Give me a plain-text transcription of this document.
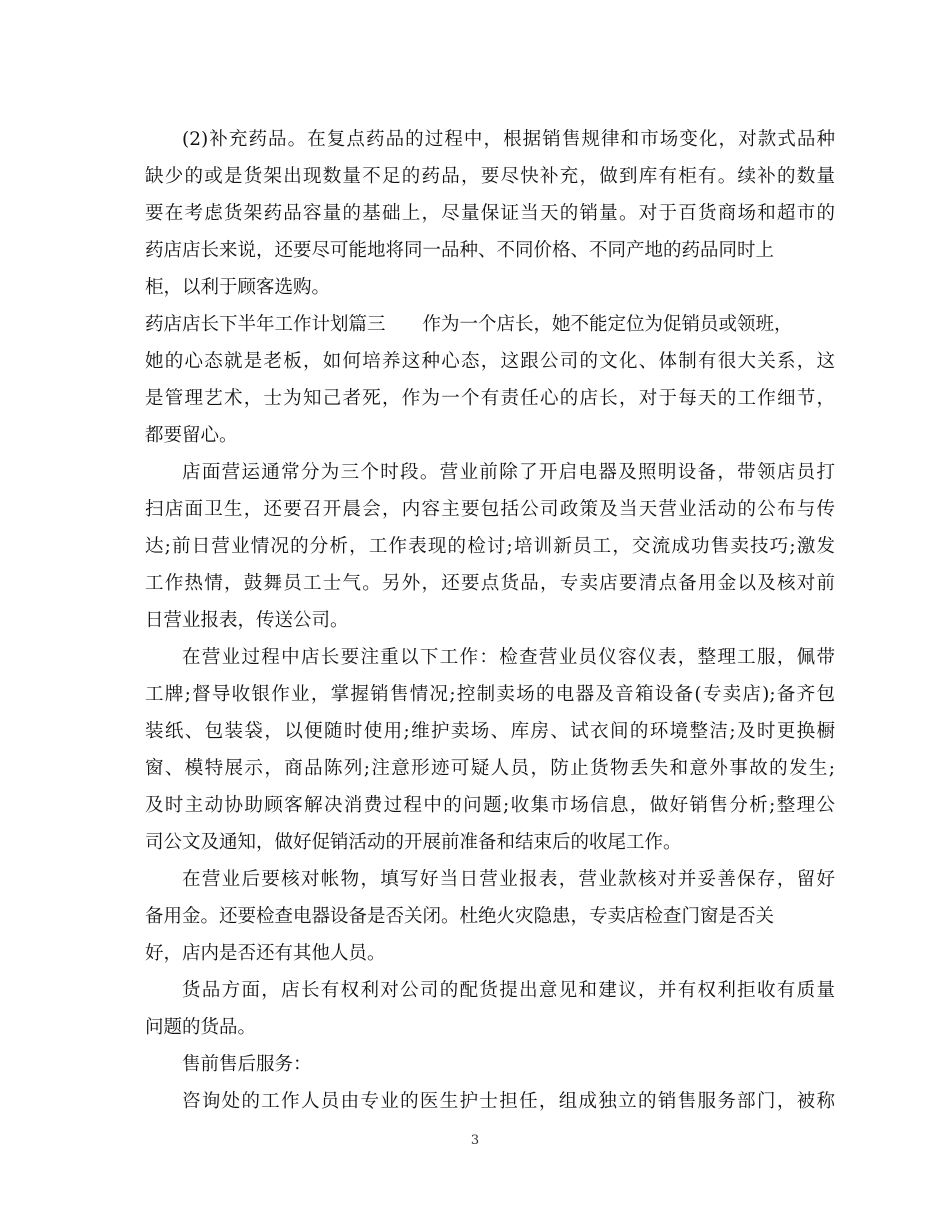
(2)补充药品。在复点药品的过程中，根据销售规律和市场变化，对款式品种
缺少的或是货架出现数量不足的药品，要尽快补充，做到库有柜有。续补的数量
要在考虑货架药品容量的基础上，尽量保证当天的销量。对于百货商场和超市的
药店店长来说，还要尽可能地将同一品种、不同价格、不同产地的药品同时上
柜，以利于顾客选购。
药店店长下半年工作计划篇三 作为一个店长，她不能定位为促销员或领班，
她的心态就是老板，如何培养这种心态，这跟公司的文化、体制有很大关系，这
是管理艺术，士为知己者死，作为一个有责任心的店长，对于每天的工作细节，
都要留心。
店面营运通常分为三个时段。营业前除了开启电器及照明设备，带领店员打
扫店面卫生，还要召开晨会，内容主要包括公司政策及当天营业活动的公布与传
达;前日营业情况的分析，工作表现的检讨;培训新员工，交流成功售卖技巧;激发
工作热情，鼓舞员工士气。另外，还要点货品，专卖店要清点备用金以及核对前
日营业报表，传送公司。
在营业过程中店长要注重以下工作：检查营业员仪容仪表，整理工服，佩带
工牌;督导收银作业，掌握销售情况;控制卖场的电器及音箱设备(专卖店);备齐包
装纸、包装袋，以便随时使用;维护卖场、库房、试衣间的环境整洁;及时更换橱
窗、模特展示，商品陈列;注意形迹可疑人员，防止货物丢失和意外事故的发生;
及时主动协助顾客解决消费过程中的问题;收集市场信息，做好销售分析;整理公
司公文及通知，做好促销活动的开展前准备和结束后的收尾工作。
在营业后要核对帐物，填写好当日营业报表，营业款核对并妥善保存，留好
备用金。还要检查电器设备是否关闭。杜绝火灾隐患，专卖店检查门窗是否关
好，店内是否还有其他人员。
货品方面，店长有权利对公司的配货提出意见和建议，并有权利拒收有质量
问题的货品。
售前售后服务：
咨询处的工作人员由专业的医生护士担任，组成独立的销售服务部门，被称
3
